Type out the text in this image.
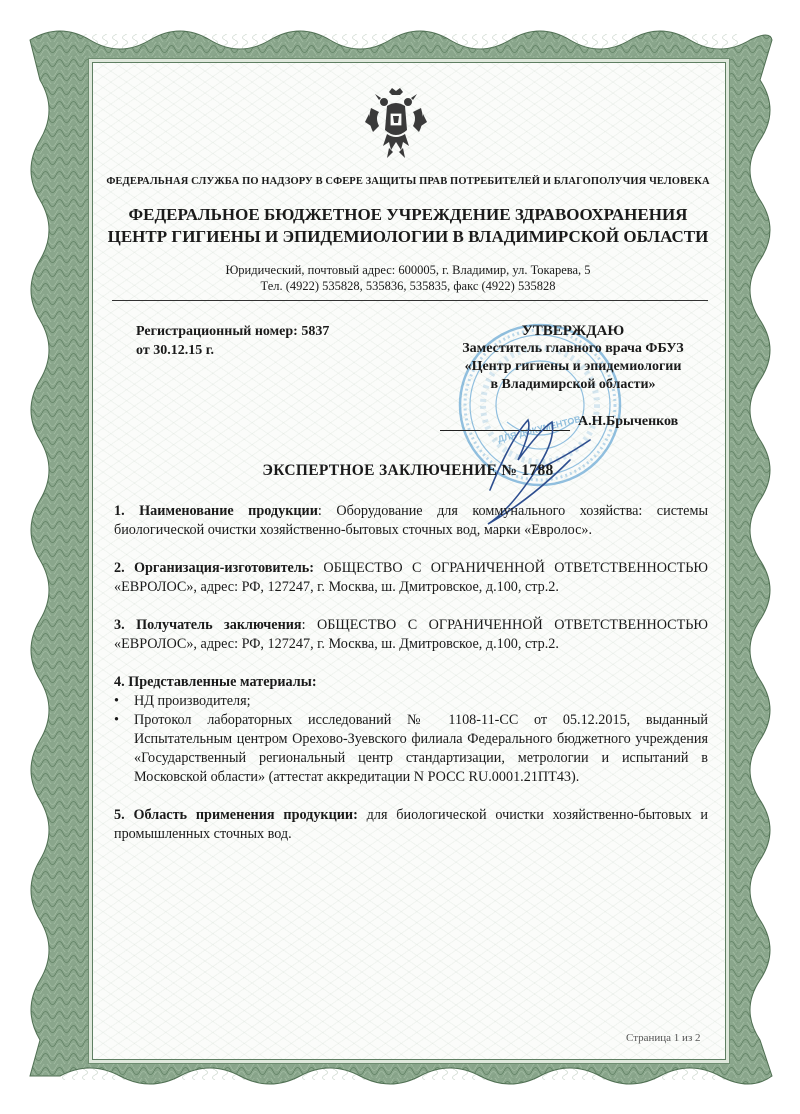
ФЕДЕРАЛЬНАЯ СЛУЖБА ПО НАДЗОРУ В СФЕРЕ ЗАЩИТЫ ПРАВ ПОТРЕБИТЕЛЕЙ И БЛАГОПОЛУЧИЯ ЧЕЛОВЕКА
ФЕДЕРАЛЬНОЕ БЮДЖЕТНОЕ УЧРЕЖДЕНИЕ ЗДРАВООХРАНЕНИЯ
ЦЕНТР ГИГИЕНЫ И ЭПИДЕМИОЛОГИИ В ВЛАДИМИРСКОЙ ОБЛАСТИ
Юридический, почтовый адрес: 600005, г. Владимир, ул. Токарева, 5
Тел. (4922) 535828, 535836, 535835, факс (4922) 535828
Регистрационный номер: 5837
от 30.12.15 г.
ДЛЯ ДОКУМЕНТОВ
УТВЕРЖДАЮ
Заместитель главного врача ФБУЗ
«Центр гигиены и эпидемиологии
в Владимирской области»
А.Н.Брыченков
ЭКСПЕРТНОЕ ЗАКЛЮЧЕНИЕ № 1788

1. Наименование продукции: Оборудование для коммунального хозяйства: системы биологической очистки хозяйственно-бытовых сточных вод, марки «Евролос».

2. Организация-изготовитель: ОБЩЕСТВО С ОГРАНИЧЕННОЙ ОТВЕТСТВЕННОСТЬЮ «ЕВРОЛОС», адрес: РФ, 127247, г. Москва, ш. Дмитровское, д.100, стр.2.

3. Получатель заключения: ОБЩЕСТВО С ОГРАНИЧЕННОЙ ОТВЕТСТВЕННОСТЬЮ «ЕВРОЛОС», адрес: РФ, 127247, г. Москва, ш. Дмитровское, д.100, стр.2.

4. Представленные материалы:

•	НД производителя;
•	Протокол лабораторных исследований № 1108-11-СС от 05.12.2015, выданный Испытательным центром Орехово-Зуевского филиала Федерального бюджетного учреждения «Государственный региональный центр стандартизации, метрологии и испытаний в Московской области» (аттестат аккредитации N РОСС RU.0001.21ПТ43).

5. Область применения продукции: для биологической очистки хозяйственно-бытовых и промышленных сточных вод.

Страница 1 из 2
